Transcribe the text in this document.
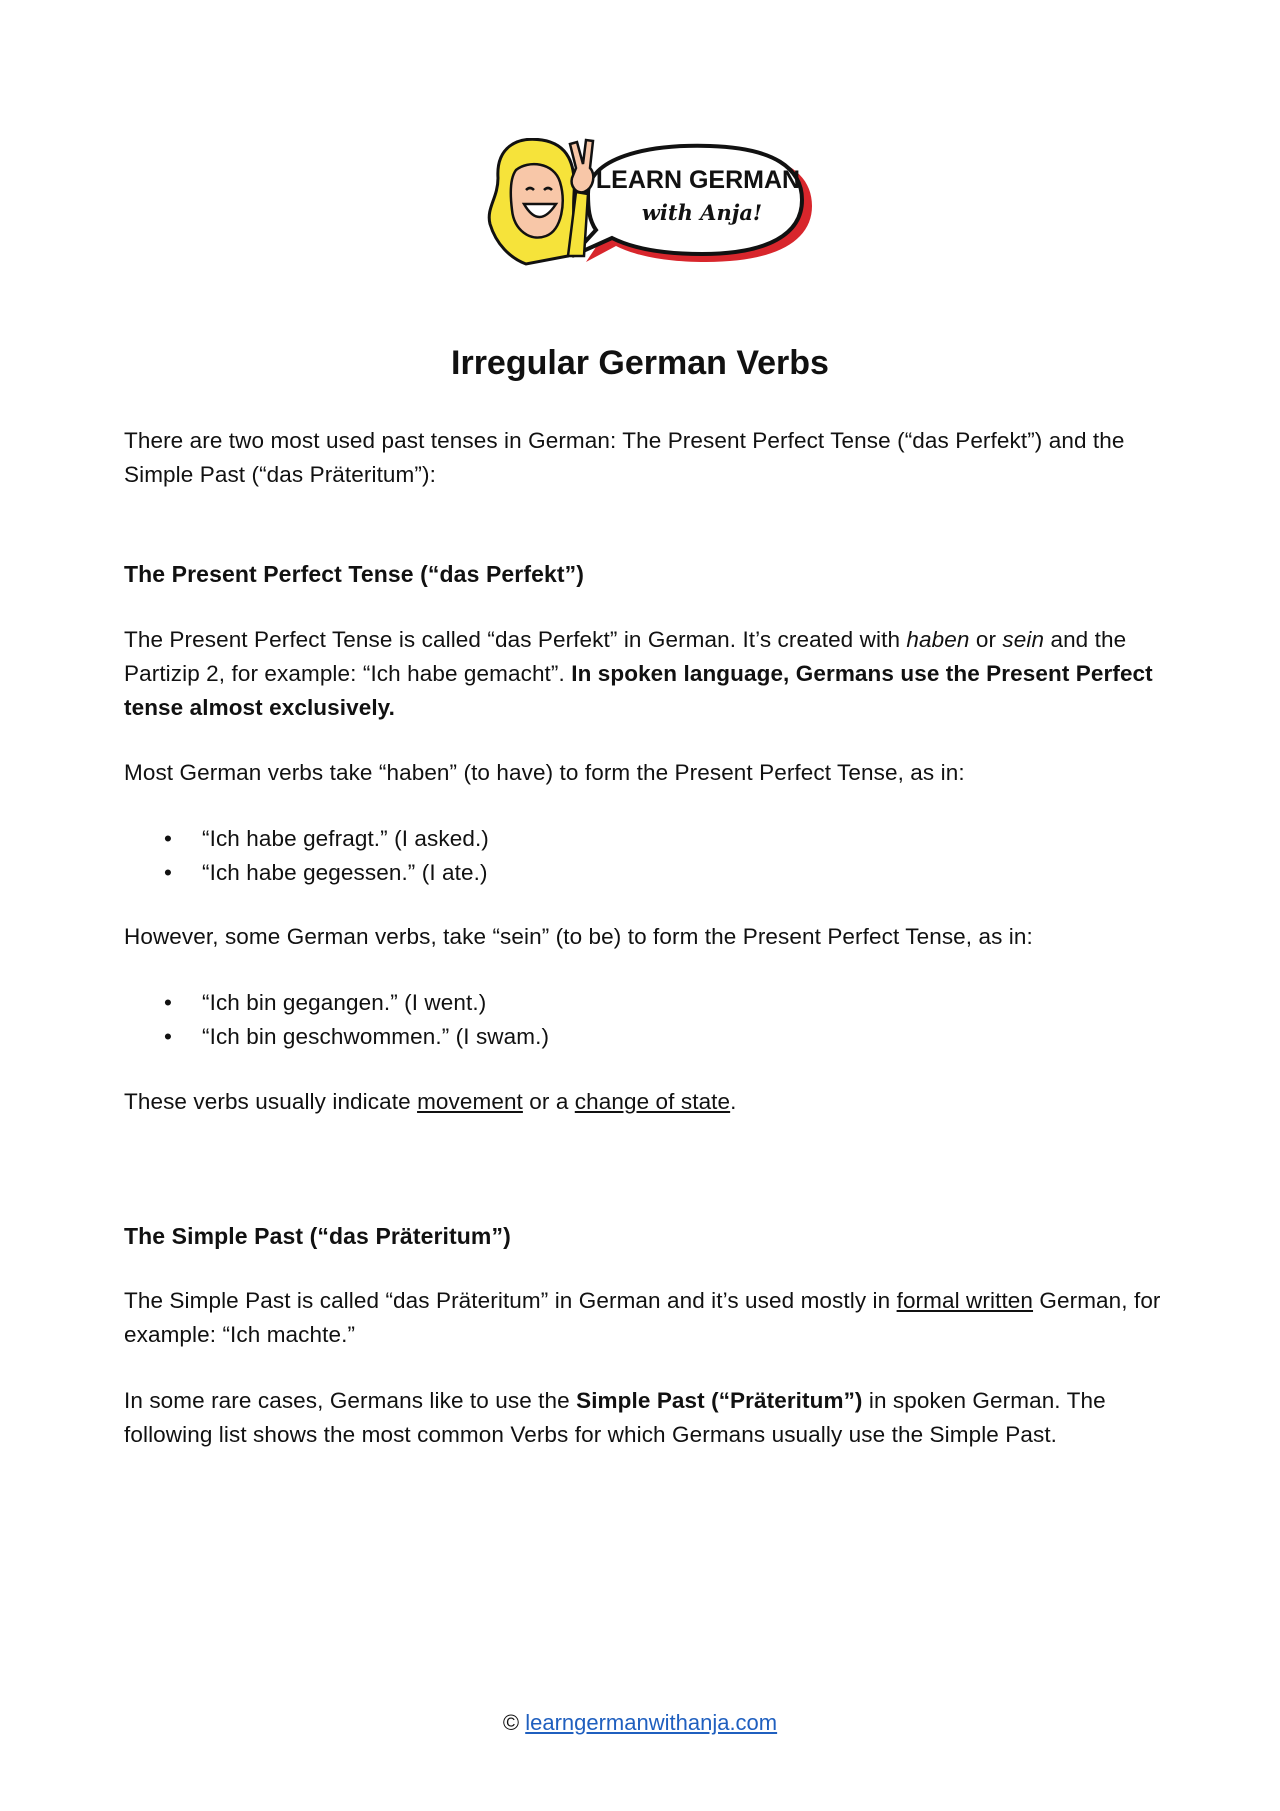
LEARN GERMAN
with Anja!
Irregular German Verbs

There are two most used past tenses in German: The Present Perfect Tense (“das Perfekt”) and the Simple Past (“das Präteritum”):

The Present Perfect Tense (“das Perfekt”)

The Present Perfect Tense is called “das Perfekt” in German. It’s created with haben or sein and the Partizip 2, for example: “Ich habe gemacht”. In spoken language, Germans use the Present Perfect tense almost exclusively.

Most German verbs take “haben” (to have) to form the Present Perfect Tense, as in:

• “Ich habe gefragt.” (I asked.)
• “Ich habe gegessen.” (I ate.)

However, some German verbs, take “sein” (to be) to form the Present Perfect Tense, as in:

• “Ich bin gegangen.” (I went.)
• “Ich bin geschwommen.” (I swam.)

These verbs usually indicate movement or a change of state.

The Simple Past (“das Präteritum”)

The Simple Past is called “das Präteritum” in German and it’s used mostly in formal written German, for example: “Ich machte.”

In some rare cases, Germans like to use the Simple Past (“Präteritum”) in spoken German. The following list shows the most common Verbs for which Germans usually use the Simple Past.

© learngermanwithanja.com
